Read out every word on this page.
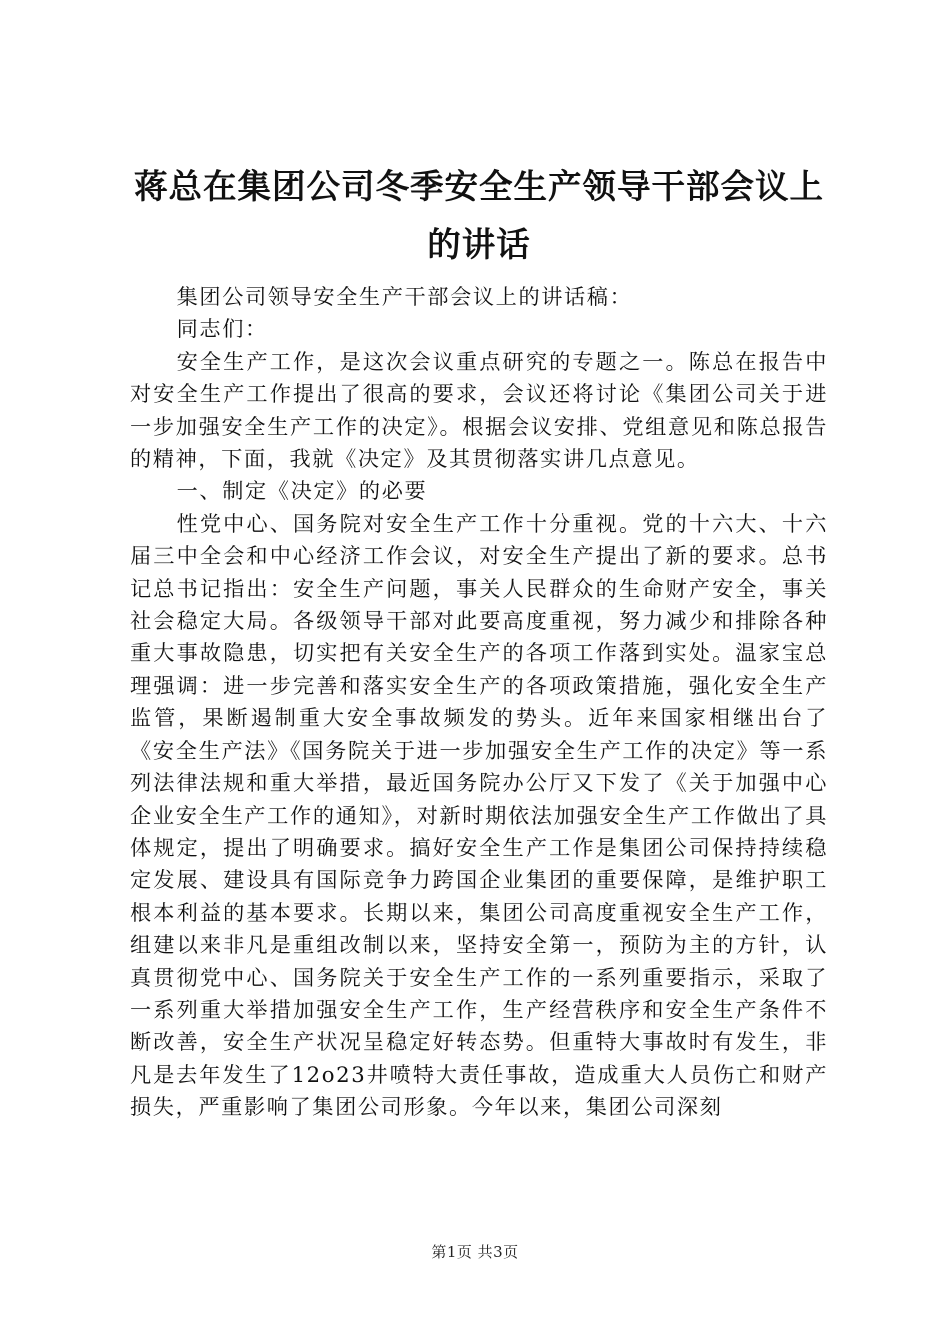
蒋总在集团公司冬季安全生产领导干部会议上
的讲话

集团公司领导安全生产干部会议上的讲话稿：

同志们：

安全生产工作，是这次会议重点研究的专题之一。陈总在报告中对安全生产工作提出了很高的要求，会议还将讨论《集团公司关于进一步加强安全生产工作的决定》。根据会议安排、党组意见和陈总报告的精神，下面，我就《决定》及其贯彻落实讲几点意见。

一、制定《决定》的必要

性党中心、国务院对安全生产工作十分重视。党的十六大、十六届三中全会和中心经济工作会议，对安全生产提出了新的要求。总书记总书记指出：安全生产问题，事关人民群众的生命财产安全，事关社会稳定大局。各级领导干部对此要高度重视，努力减少和排除各种重大事故隐患，切实把有关安全生产的各项工作落到实处。温家宝总理强调：进一步完善和落实安全生产的各项政策措施，强化安全生产监管，果断遏制重大安全事故频发的势头。近年来国家相继出台了《安全生产法》《国务院关于进一步加强安全生产工作的决定》等一系列法律法规和重大举措，最近国务院办公厅又下发了《关于加强中心企业安全生产工作的通知》，对新时期依法加强安全生产工作做出了具体规定，提出了明确要求。搞好安全生产工作是集团公司保持持续稳定发展、建设具有国际竞争力跨国企业集团的重要保障，是维护职工根本利益的基本要求。长期以来，集团公司高度重视安全生产工作，组建以来非凡是重组改制以来，坚持安全第一，预防为主的方针，认真贯彻党中心、国务院关于安全生产工作的一系列重要指示，采取了一系列重大举措加强安全生产工作，生产经营秩序和安全生产条件不断改善，安全生产状况呈稳定好转态势。但重特大事故时有发生，非凡是去年发生了12o23井喷特大责任事故，造成重大人员伤亡和财产损失，严重影响了集团公司形象。今年以来，集团公司深刻

第1页 共3页
